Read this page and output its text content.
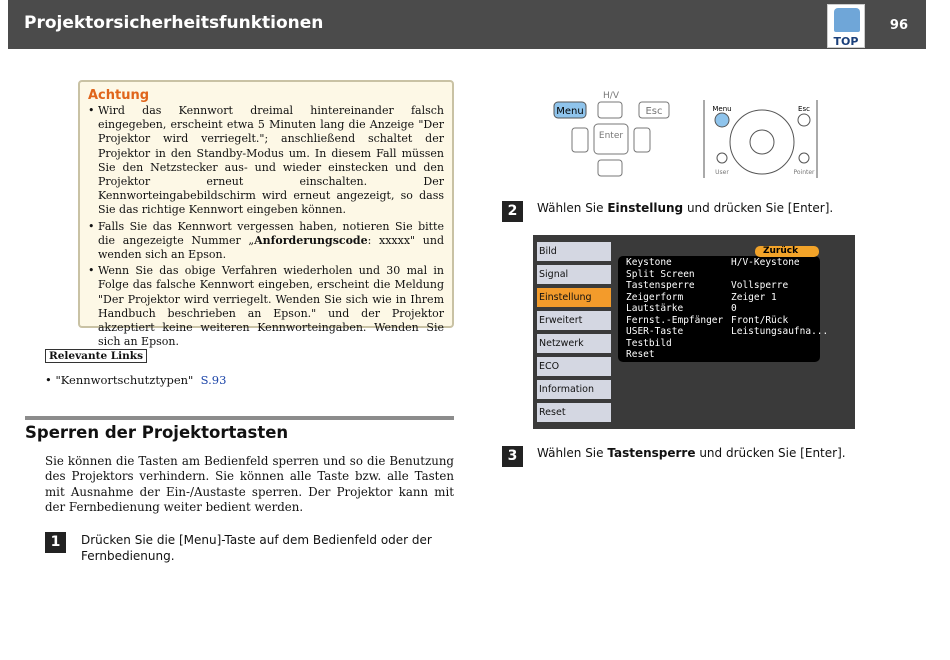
Projektorsicherheitsfunktionen	96
TOP
Achtung
• Wird das Kennwort dreimal hintereinander falsch eingegeben, erscheint etwa 5 Minuten lang die Anzeige "Der Projektor wird verriegelt."; anschließend schaltet der Projektor in den Standby-Modus um. In diesem Fall müssen Sie den Netzstecker aus- und wieder einstecken und den Projektor erneut einschalten. Der Kennworteingabebildschirm wird erneut angezeigt, so dass Sie das richtige Kennwort eingeben können.
• Falls Sie das Kennwort vergessen haben, notieren Sie bitte die angezeigte Nummer „Anforderungscode: xxxxx" und wenden sich an Epson.
• Wenn Sie das obige Verfahren wiederholen und 30 mal in Folge das falsche Kennwort eingeben, erscheint die Meldung "Der Projektor wird verriegelt. Wenden Sie sich wie in Ihrem Handbuch beschrieben an Epson." und der Projektor akzeptiert keine weiteren Kennworteingaben. Wenden Sie sich an Epson.
Relevante Links
• "Kennwortschutztypen" S.93
Sperren der Projektortasten
Sie können die Tasten am Bedienfeld sperren und so die Benutzung des Projektors verhindern. Sie können alle Taste bzw. alle Tasten mit Ausnahme der Ein-/Austaste sperren. Der Projektor kann mit der Fernbedienung weiter bedient werden.
1	Drücken Sie die [Menu]-Taste auf dem Bedienfeld oder der Fernbedienung.
2	Wählen Sie Einstellung und drücken Sie [Enter].
3	Wählen Sie Tastensperre und drücken Sie [Enter].
Menu
H/V
Esc
Enter
Menu	Esc
User	Pointer
Bild
Signal
Einstellung
Erweitert
Netzwerk
ECO
Information
Reset
Zurück
Keystone	H/V-Keystone
Split Screen
Tastensperre	Vollsperre
Zeigerform	Zeiger 1
Lautstärke	0
Fernst.-Empfänger Front/Rück
USER-Taste	Leistungsaufna...
Testbild
Reset
